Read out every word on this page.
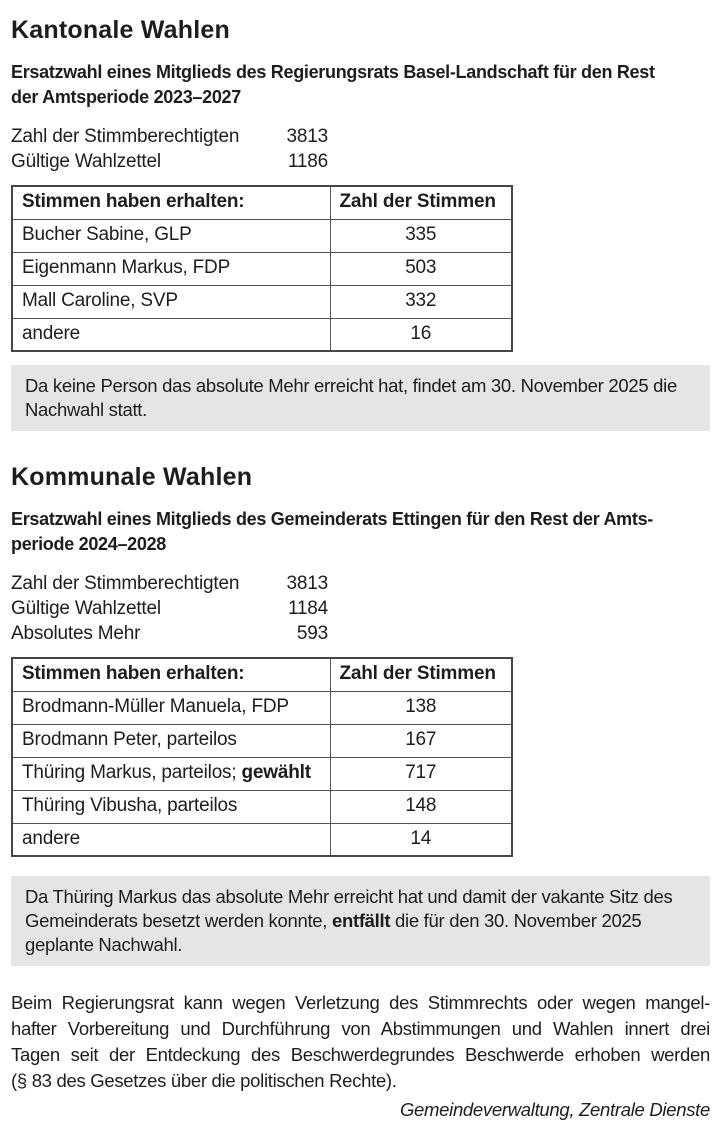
Kantonale Wahlen
Ersatzwahl eines Mitglieds des Regierungsrats Basel-Landschaft für den Rest
der Amtsperiode 2023–2027
Zahl der Stimmberechtigten 3813
Gültige Wahlzettel	1186
Stimmen haben erhalten:	Zahl der Stimmen
Bucher Sabine, GLP	335
Eigenmann Markus, FDP	503
Mall Caroline, SVP	332
andere	16
Da keine Person das absolute Mehr erreicht hat, findet am 30. November 2025 die Nachwahl statt.
Kommunale Wahlen
Ersatzwahl eines Mitglieds des Gemeinderats Ettingen für den Rest der Amts-
periode 2024–2028
Zahl der Stimmberechtigten 3813
Gültige Wahlzettel	1184
Absolutes Mehr	593
Stimmen haben erhalten:	Zahl der Stimmen
Brodmann-Müller Manuela, FDP	138
Brodmann Peter, parteilos	167
Thüring Markus, parteilos; gewählt	717
Thüring Vibusha, parteilos	148
andere	14
Da Thüring Markus das absolute Mehr erreicht hat und damit der vakante Sitz des Gemeinderats besetzt werden konnte, entfällt die für den 30. November 2025 geplante Nachwahl.
Beim Regierungsrat kann wegen Verletzung des Stimmrechts oder wegen mangel-
hafter Vorbereitung und Durchführung von Abstimmungen und Wahlen innert drei
Tagen seit der Entdeckung des Beschwerdegrundes Beschwerde erhoben werden
(§ 83 des Gesetzes über die politischen Rechte).
Gemeindeverwaltung, Zentrale Dienste
